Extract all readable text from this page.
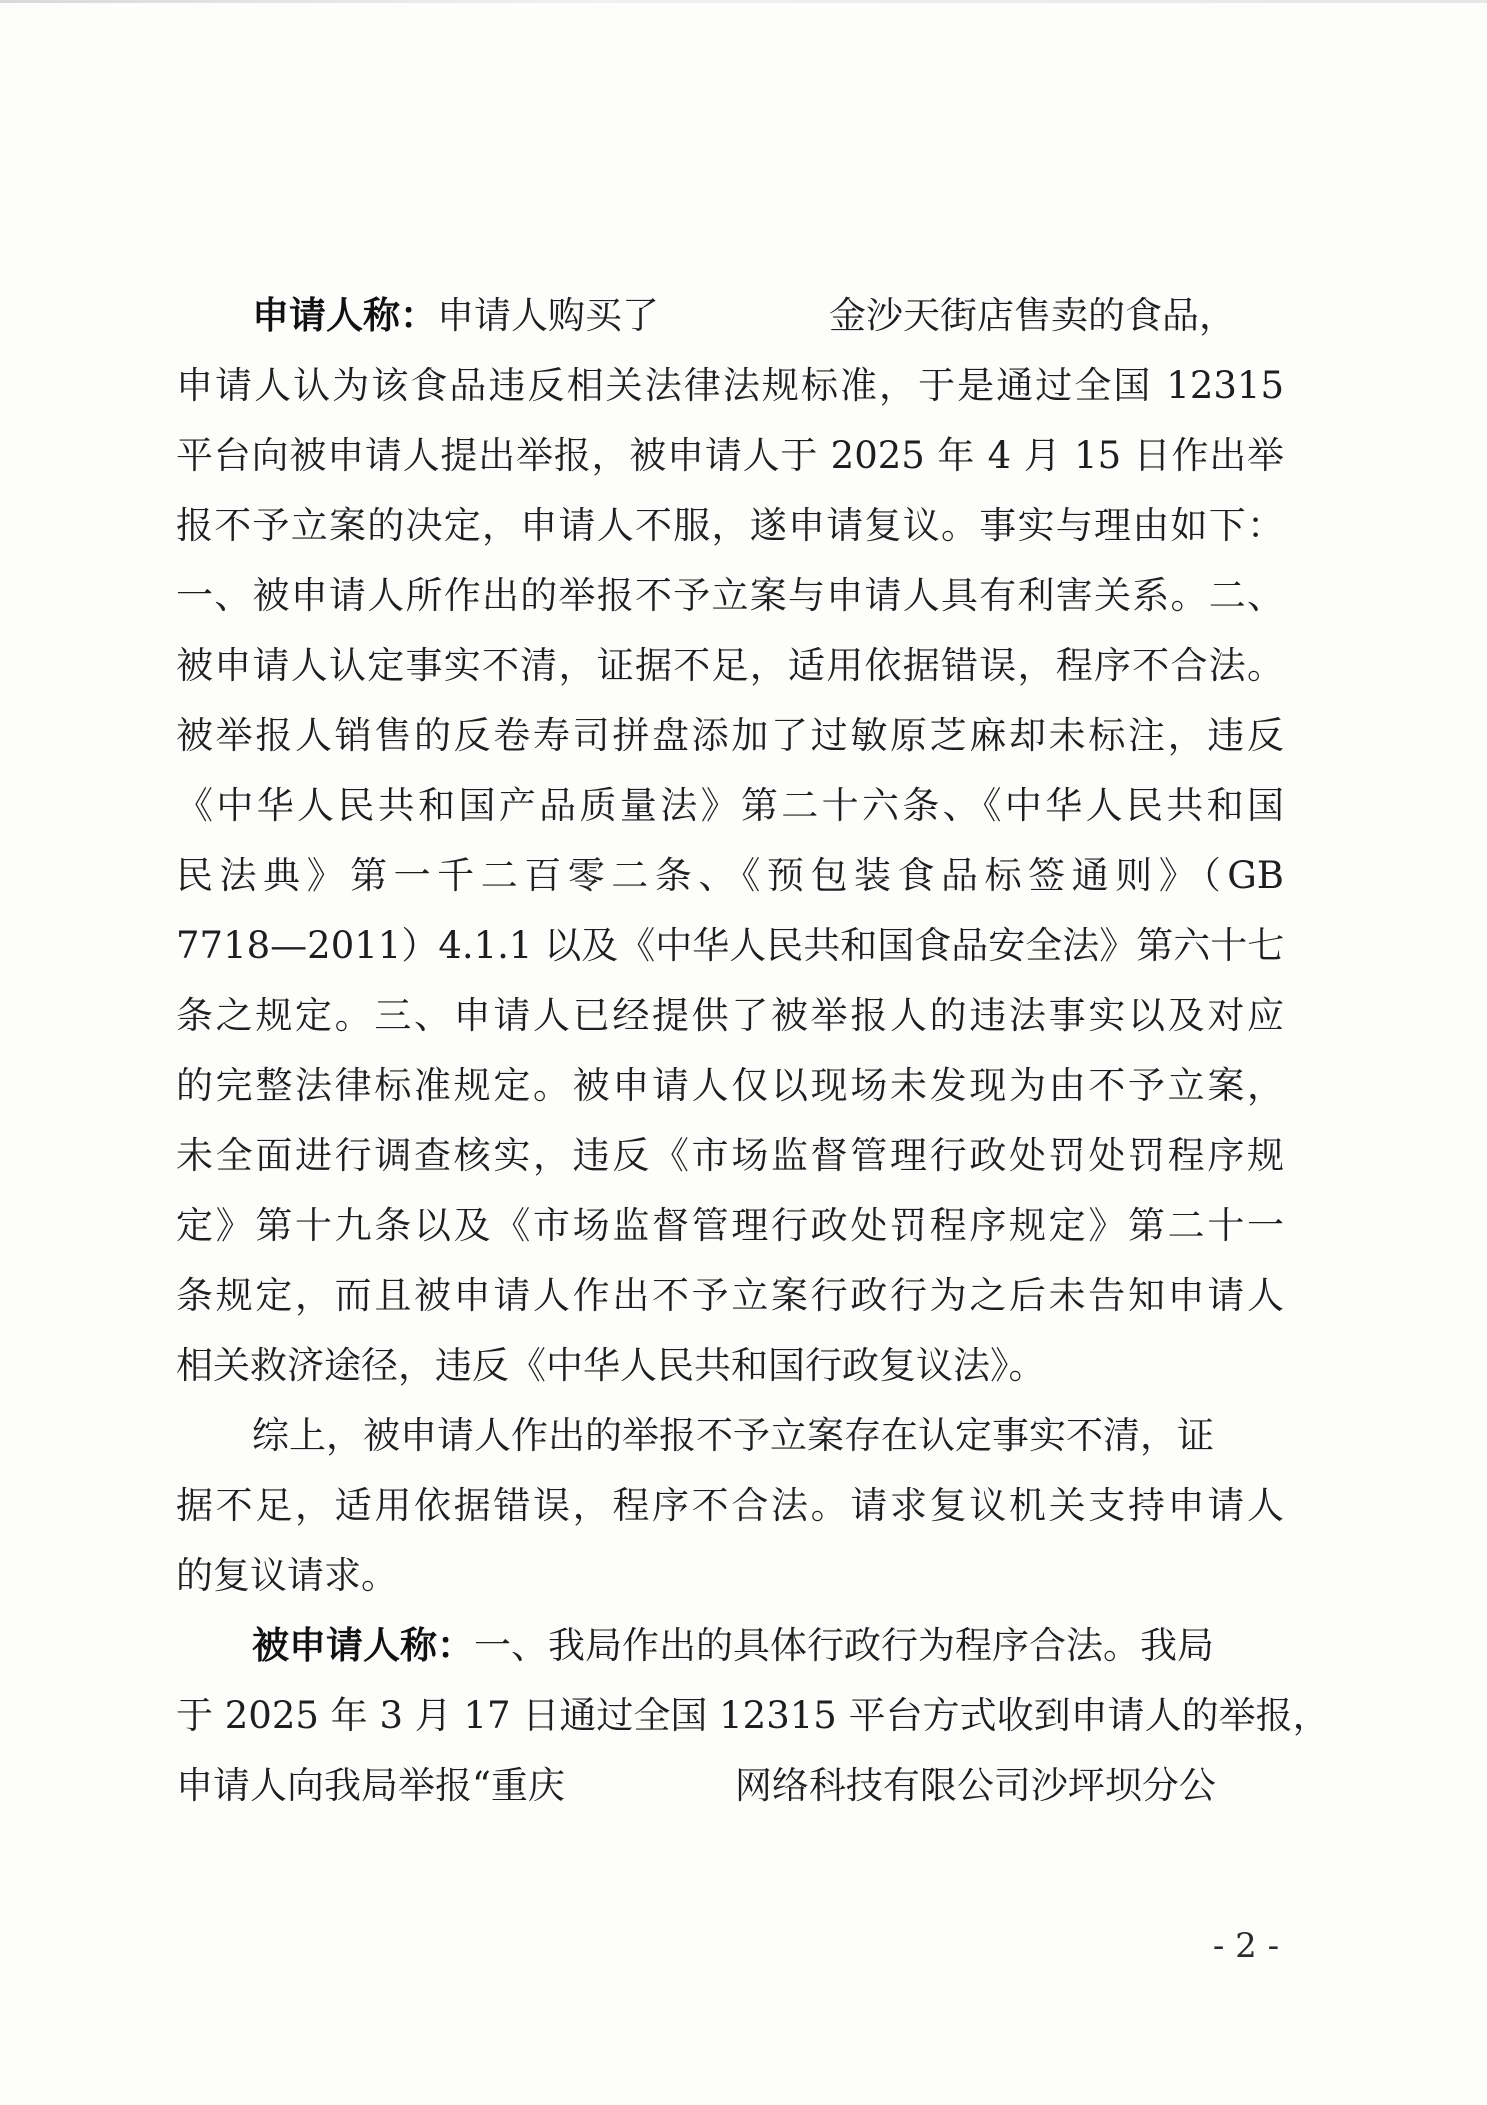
申请人称：申请人购买了	金沙天街店售卖的食品，

申请人认为该食品违反相关法律法规标准，于是通过全国 12315

平台向被申请人提出举报，被申请人于 2025 年 4 月 15 日作出举

报不予立案的决定，申请人不服，遂申请复议。事实与理由如下：

一、被申请人所作出的举报不予立案与申请人具有利害关系。二、

被申请人认定事实不清，证据不足，适用依据错误，程序不合法。

被举报人销售的反卷寿司拼盘添加了过敏原芝麻却未标注，违反

《中华人民共和国产品质量法》第二十六条、《中华人民共和国

民法典》第一千二百零二条、《预包装食品标签通则》（GB

7718—2011）4.1.1 以及《中华人民共和国食品安全法》第六十七

条之规定。三、申请人已经提供了被举报人的违法事实以及对应

的完整法律标准规定。被申请人仅以现场未发现为由不予立案，

未全面进行调查核实，违反《市场监督管理行政处罚处罚程序规

定》第十九条以及《市场监督管理行政处罚程序规定》第二十一

条规定，而且被申请人作出不予立案行政行为之后未告知申请人

相关救济途径，违反《中华人民共和国行政复议法》。

综上，被申请人作出的举报不予立案存在认定事实不清，证

据不足，适用依据错误，程序不合法。请求复议机关支持申请人

的复议请求。

被申请人称：一、我局作出的具体行政行为程序合法。我局

于 2025 年 3 月 17 日通过全国 12315 平台方式收到申请人的举报，

申请人向我局举报“重庆	网络科技有限公司沙坪坝分公

- 2 -
